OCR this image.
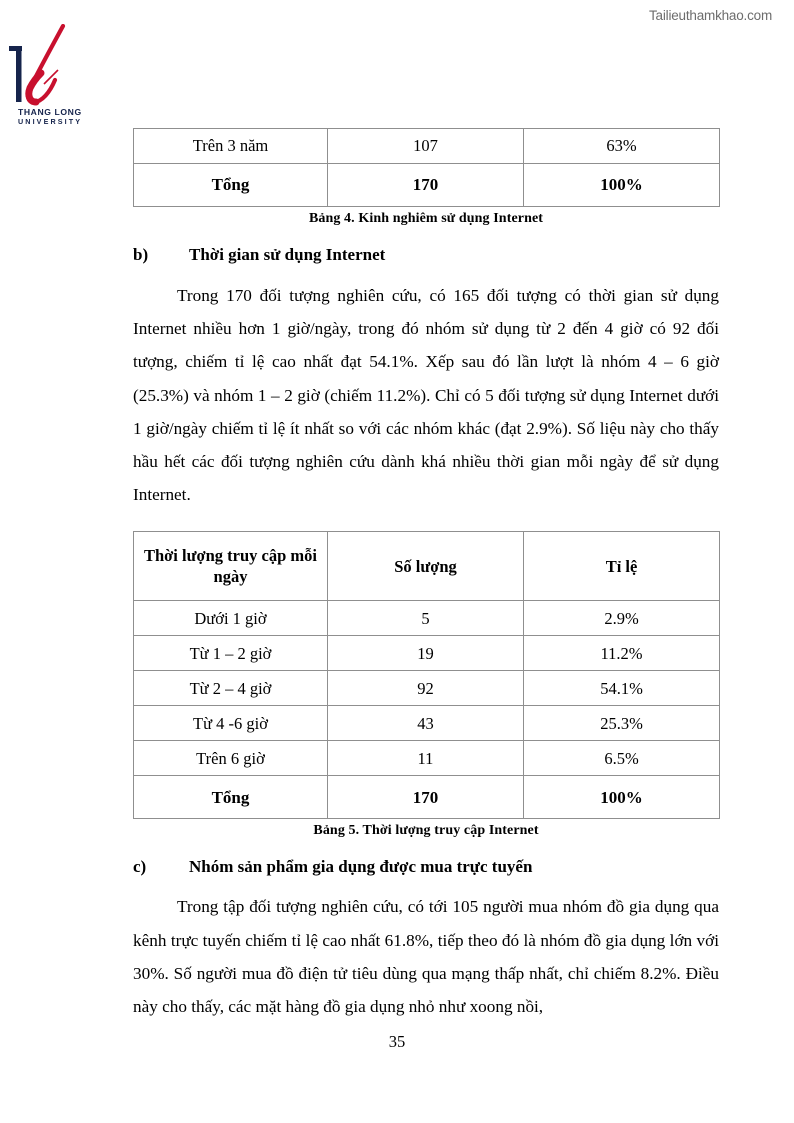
Tailieuthamkhao.com
THANG LONG
UNIVERSITY
Trên 3 năm	107	63%
Tổng	170	100%
Bảng 4. Kinh nghiêm sử dụng Internet
b)	Thời gian sử dụng Internet

Trong 170 đối tượng nghiên cứu, có 165 đối tượng có thời gian sử dụng Internet nhiều hơn 1 giờ/ngày, trong đó nhóm sử dụng từ 2 đến 4 giờ có 92 đối tượng, chiếm tỉ lệ cao nhất đạt 54.1%. Xếp sau đó lần lượt là nhóm 4 – 6 giờ (25.3%) và nhóm 1 – 2 giờ (chiếm 11.2%). Chỉ có 5 đối tượng sử dụng Internet dưới 1 giờ/ngày chiếm tỉ lệ ít nhất so với các nhóm khác (đạt 2.9%). Số liệu này cho thấy hầu hết các đối tượng nghiên cứu dành khá nhiều thời gian mỗi ngày để sử dụng Internet.

Thời lượng truy cập mỗi ngày	Số lượng	Tỉ lệ
Dưới 1 giờ	5	2.9%
Từ 1 – 2 giờ	19	11.2%
Từ 2 – 4 giờ	92	54.1%
Từ 4 -6 giờ	43	25.3%
Trên 6 giờ	11	6.5%
Tổng	170	100%
Bảng 5. Thời lượng truy cập Internet
c)	Nhóm sản phẩm gia dụng được mua trực tuyến

Trong tập đối tượng nghiên cứu, có tới 105 người mua nhóm đồ gia dụng qua kênh trực tuyến chiếm tỉ lệ cao nhất 61.8%, tiếp theo đó là nhóm đồ gia dụng lớn với 30%. Số người mua đồ điện tử tiêu dùng qua mạng thấp nhất, chỉ chiếm 8.2%. Điều này cho thấy, các mặt hàng đồ gia dụng nhỏ như xoong nồi,

35
